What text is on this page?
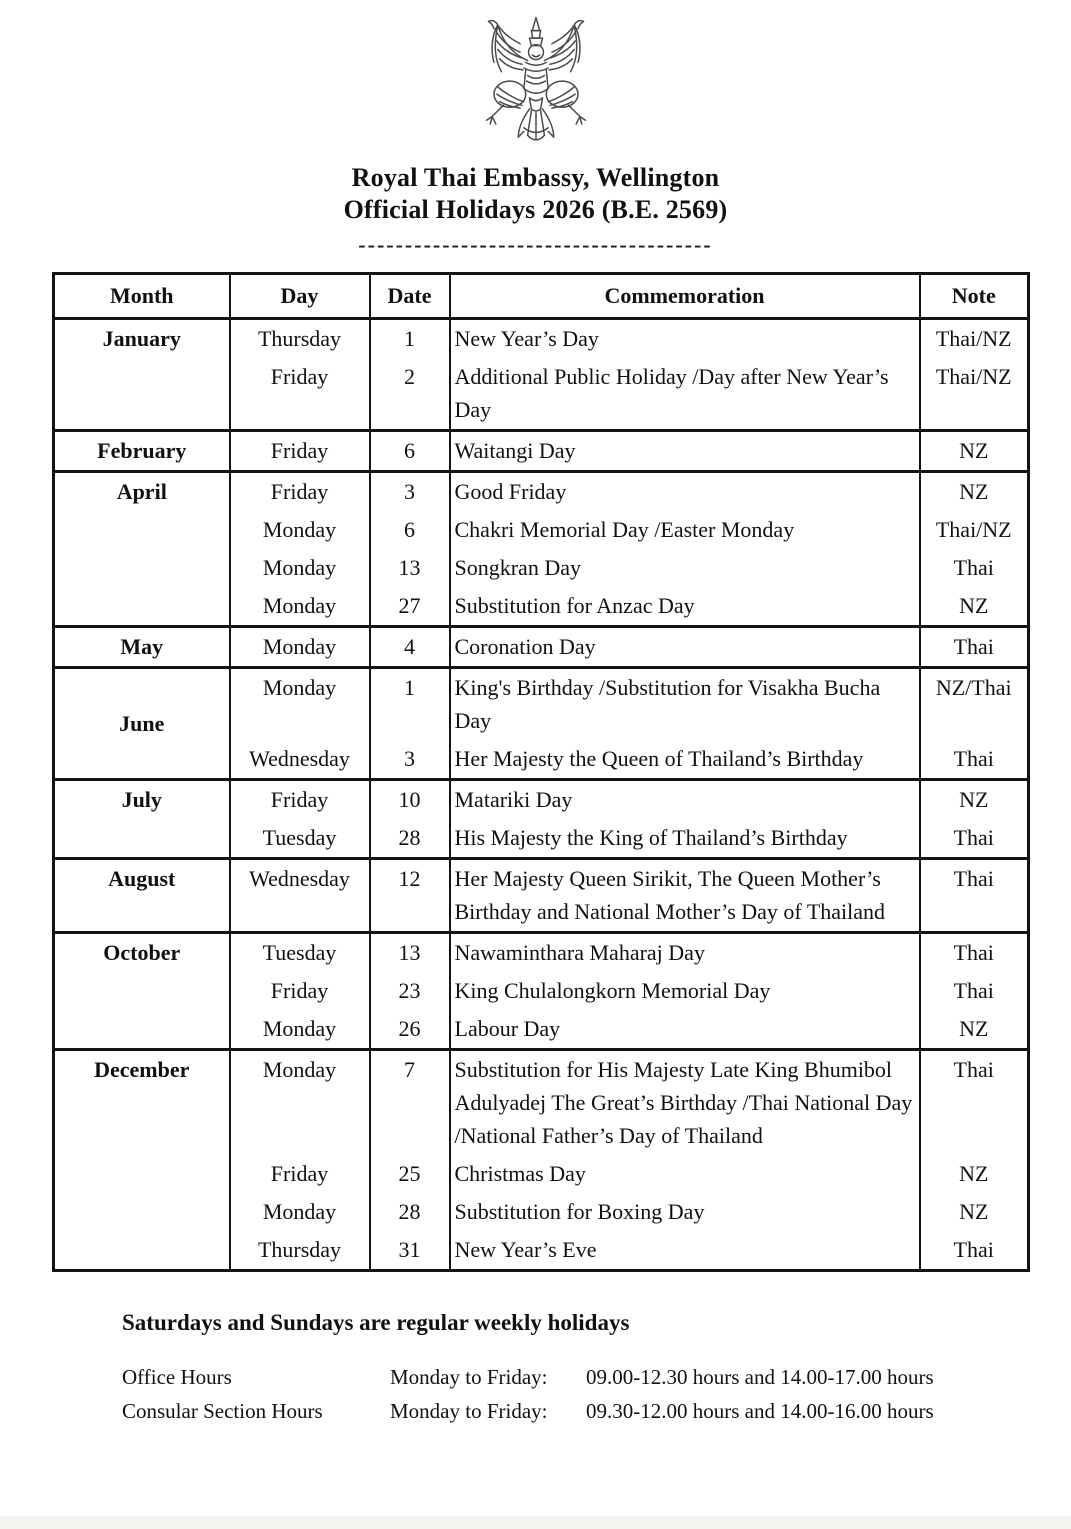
Royal Thai Embassy, Wellington
Official Holidays 2026 (B.E. 2569)
--------------------------------------
Month	Day	Date	Commemoration	Note
January	Thursday	1	New Year’s Day	Thai/NZ
	Friday	2	Additional Public Holiday /Day after New Year’s Day	Thai/NZ
February	Friday	6	Waitangi Day	NZ
April	Friday	3	Good Friday	NZ
	Monday	6	Chakri Memorial Day /Easter Monday	Thai/NZ
	Monday	13	Songkran Day	Thai
	Monday	27	Substitution for Anzac Day	NZ
May	Monday	4	Coronation Day	Thai
June	Monday	1	King's Birthday /Substitution for Visakha Bucha Day	NZ/Thai
	Wednesday	3	Her Majesty the Queen of Thailand’s Birthday	Thai
July	Friday	10	Matariki Day	NZ
	Tuesday	28	His Majesty the King of Thailand’s Birthday	Thai
August	Wednesday	12	Her Majesty Queen Sirikit, The Queen Mother’s Birthday and National Mother’s Day of Thailand	Thai
October	Tuesday	13	Nawaminthara Maharaj Day	Thai
	Friday	23	King Chulalongkorn Memorial Day	Thai
	Monday	26	Labour Day	NZ
December	Monday	7	Substitution for His Majesty Late King Bhumibol Adulyadej The Great’s Birthday /Thai National Day /National Father’s Day of Thailand	Thai
	Friday	25	Christmas Day	NZ
	Monday	28	Substitution for Boxing Day	NZ
	Thursday	31	New Year’s Eve	Thai
Saturdays and Sundays are regular weekly holidays
Office Hours	Monday to Friday:	09.00-12.30 hours and 14.00-17.00 hours
Consular Section Hours	Monday to Friday:	09.30-12.00 hours and 14.00-16.00 hours
